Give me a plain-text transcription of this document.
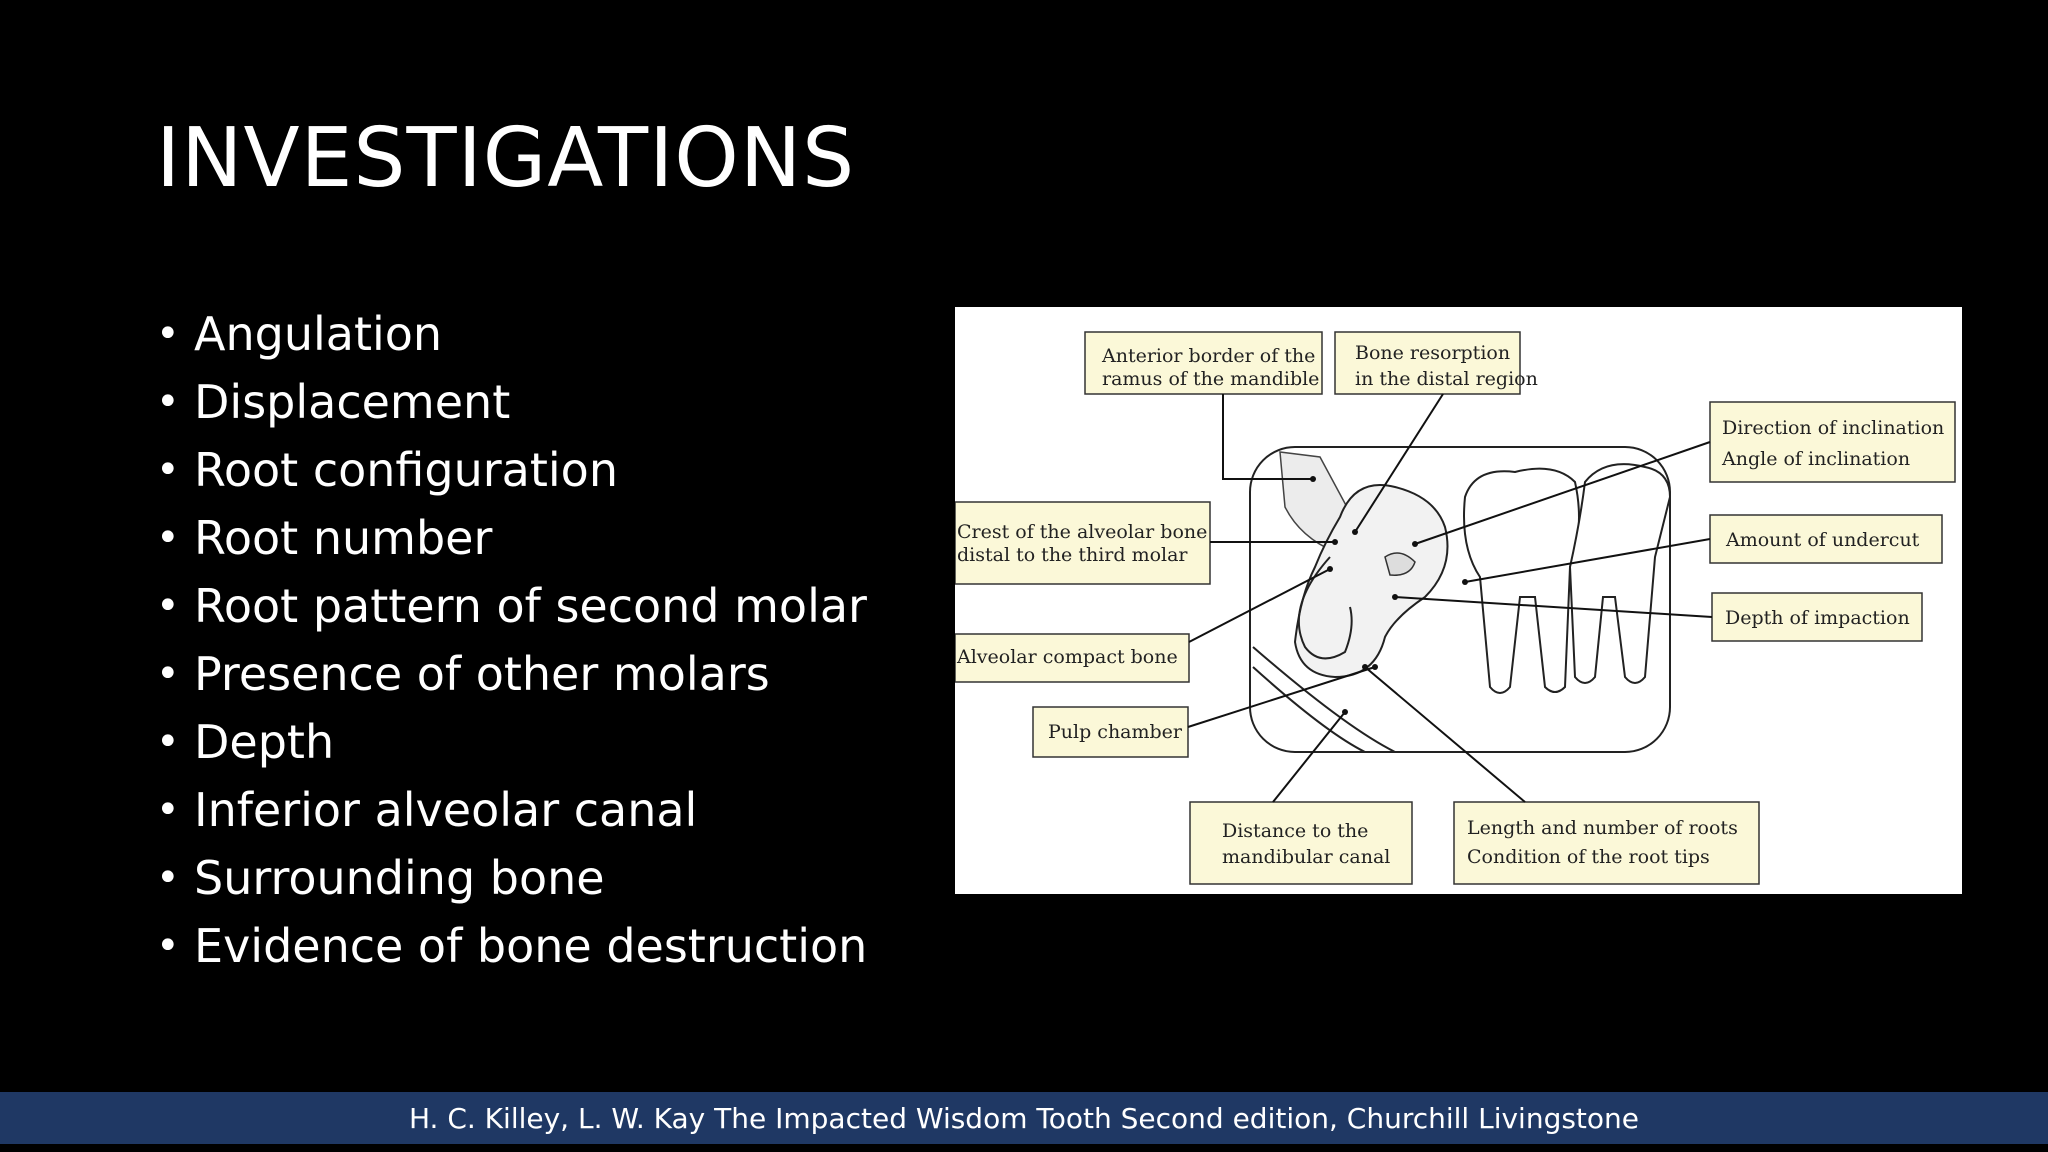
INVESTIGATIONS
• Angulation
• Displacement
• Root configuration
• Root number
• Root pattern of second molar
• Presence of other molars
• Depth
• Inferior alveolar canal
• Surrounding bone
• Evidence of bone destruction
Anterior border of the
ramus of the mandible
Bone resorption
in the distal region
Direction of inclination
Angle of inclination
Crest of the alveolar bone
distal to the third molar
Amount of undercut
Depth of impaction
Alveolar compact bone
Pulp chamber
Distance to the
mandibular canal
Length and number of roots
Condition of the root tips
H. C. Killey, L. W. Kay The Impacted Wisdom Tooth Second edition, Churchill Livingstone
